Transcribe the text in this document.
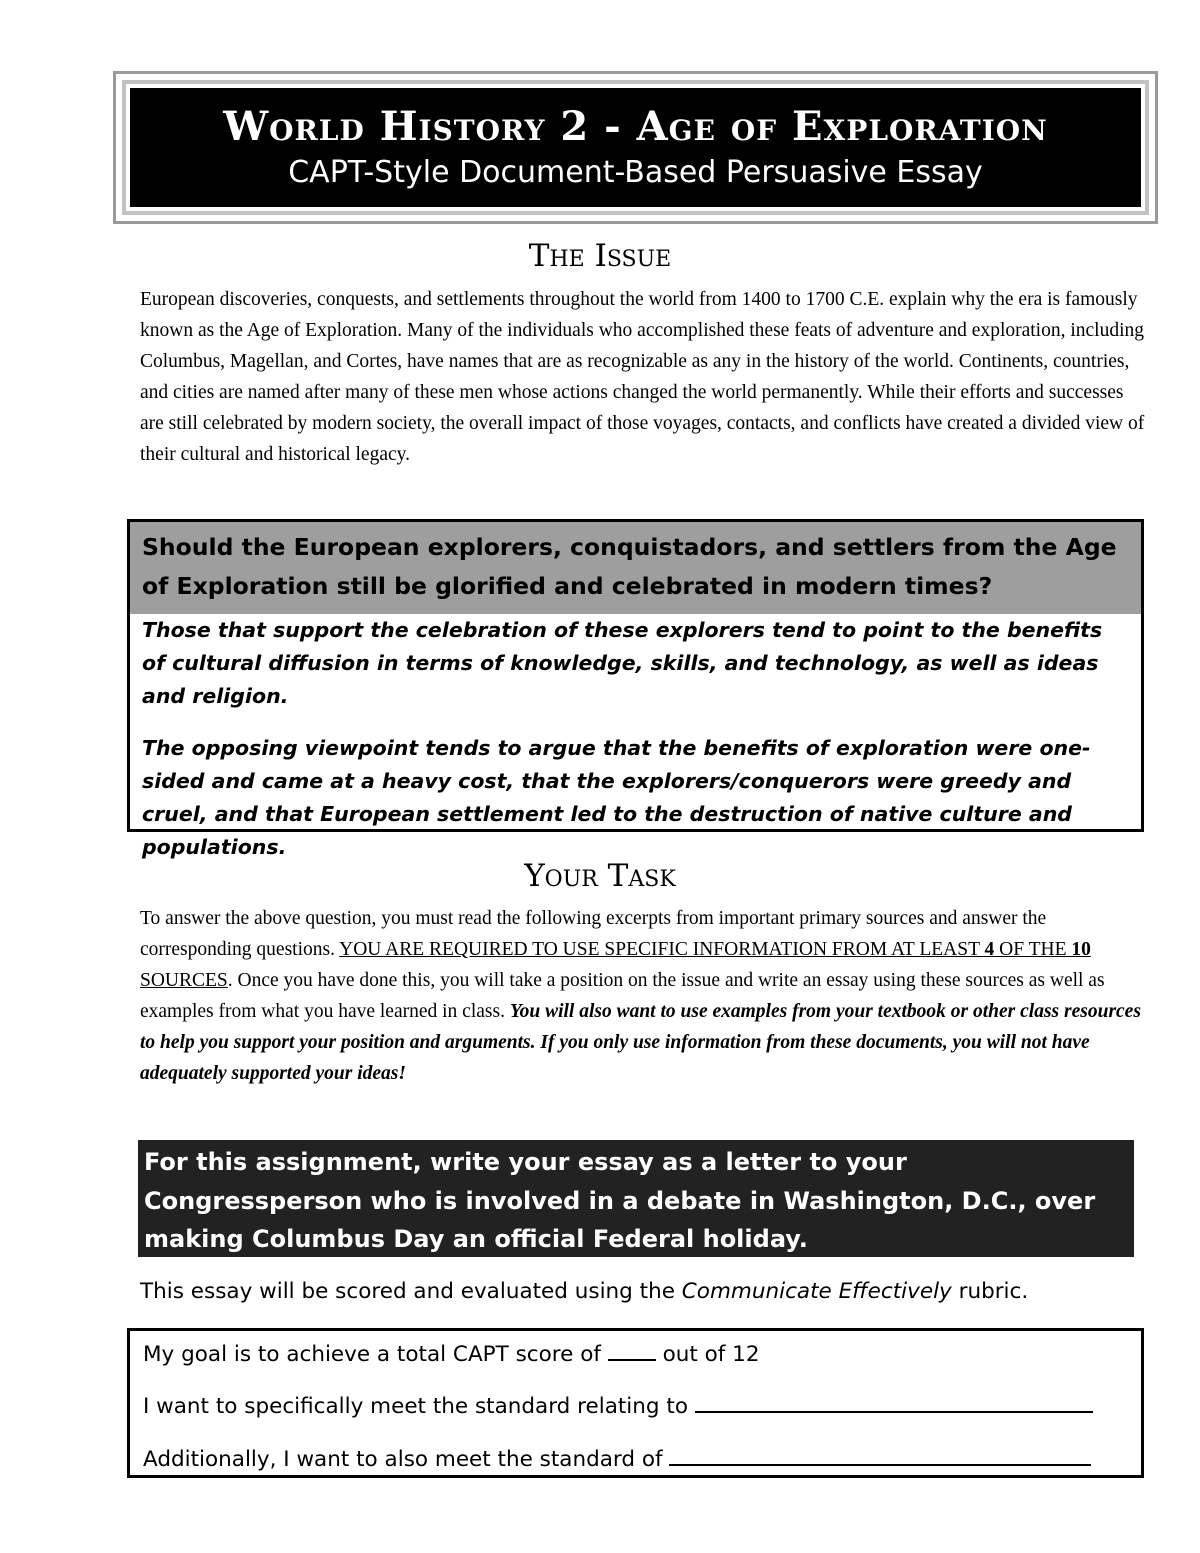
World History 2 - Age of Exploration
CAPT-Style Document-Based Persuasive Essay
The Issue
European discoveries, conquests, and settlements throughout the world from 1400 to 1700 C.E. explain why the era is famously known as the Age of Exploration. Many of the individuals who accomplished these feats of adventure and exploration, including Columbus, Magellan, and Cortes, have names that are as recognizable as any in the history of the world. Continents, countries, and cities are named after many of these men whose actions changed the world permanently. While their efforts and successes are still celebrated by modern society, the overall impact of those voyages, contacts, and conflicts have created a divided view of their cultural and historical legacy.
Should the European explorers, conquistadors, and settlers from the Age of Exploration still be glorified and celebrated in modern times?

Those that support the celebration of these explorers tend to point to the benefits of cultural diffusion in terms of knowledge, skills, and technology, as well as ideas and religion.

The opposing viewpoint tends to argue that the benefits of exploration were one-sided and came at a heavy cost, that the explorers/conquerors were greedy and cruel, and that European settlement led to the destruction of native culture and populations.

Your Task
To answer the above question, you must read the following excerpts from important primary sources and answer the corresponding questions. YOU ARE REQUIRED TO USE SPECIFIC INFORMATION FROM AT LEAST 4 OF THE 10 SOURCES. Once you have done this, you will take a position on the issue and write an essay using these sources as well as examples from what you have learned in class. You will also want to use examples from your textbook or other class resources to help you support your position and arguments. If you only use information from these documents, you will not have adequately supported your ideas!
For this assignment, write your essay as a letter to your Congressperson who is involved in a debate in Washington, D.C., over making Columbus Day an official Federal holiday.
This essay will be scored and evaluated using the Communicate Effectively rubric.
My goal is to achieve a total CAPT score of  out of 12
I want to specifically meet the standard relating to
Additionally, I want to also meet the standard of
